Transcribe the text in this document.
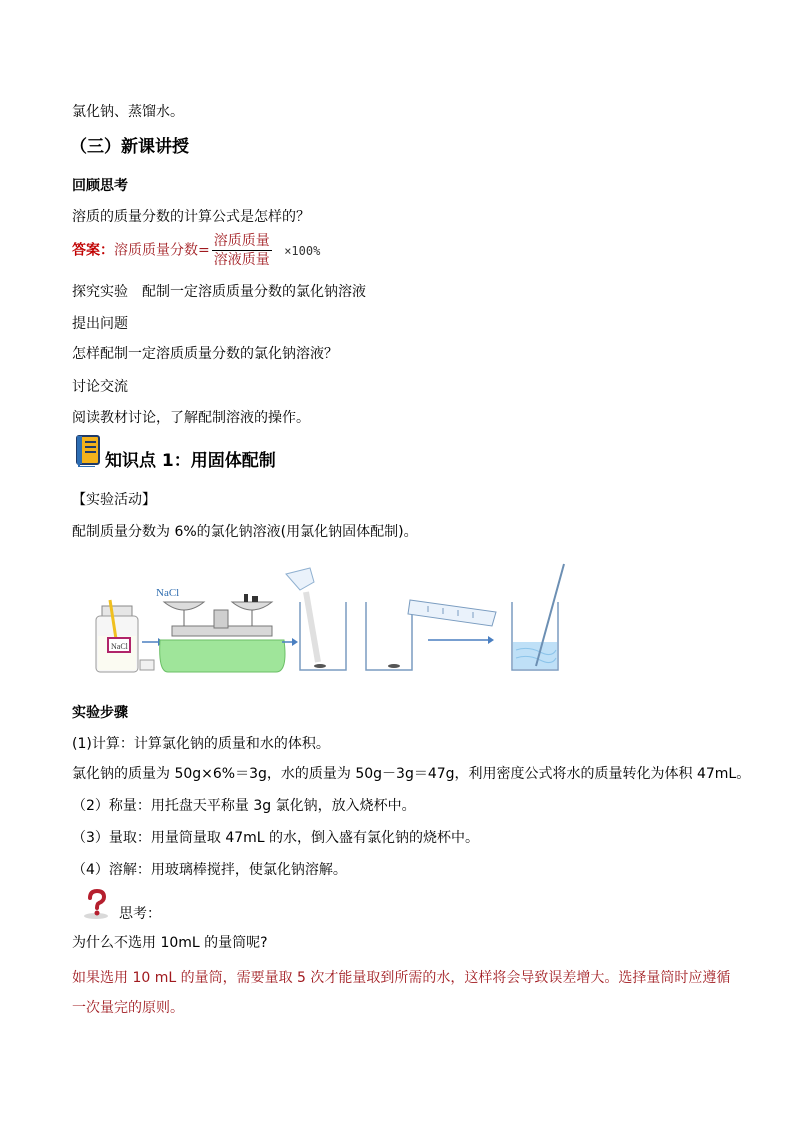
氯化钠、蒸馏水。
（三）新课讲授
回顾思考
溶质的质量分数的计算公式是怎样的？
答案：溶质质量分数= $\frac{\text{溶质质量}}{\text{溶液质量}} \times 100\%$
探究实验　配制一定溶质质量分数的氯化钠溶液
提出问题
怎样配制一定溶质质量分数的氯化钠溶液？
讨论交流
阅读教材讨论，了解配制溶液的操作。
知识点 1：用固体配制
【实验活动】
配制质量分数为 6%的氯化钠溶液(用氯化钠固体配制)。
NaCl
NaCl
实验步骤
(1)计算：计算氯化钠的质量和水的体积。
氯化钠的质量为 50g×6%＝3g，水的质量为 50g－3g＝47g，利用密度公式将水的质量转化为体积 47mL。
（2）称量：用托盘天平称量 3g 氯化钠，放入烧杯中。
（3）量取：用量筒量取 47mL 的水，倒入盛有氯化钠的烧杯中。
（4）溶解：用玻璃棒搅拌，使氯化钠溶解。
思考：
为什么不选用 10mL 的量筒呢?
如果选用 10 mL 的量筒，需要量取 5 次才能量取到所需的水，这样将会导致误差增大。选择量筒时应遵循
一次量完的原则。
